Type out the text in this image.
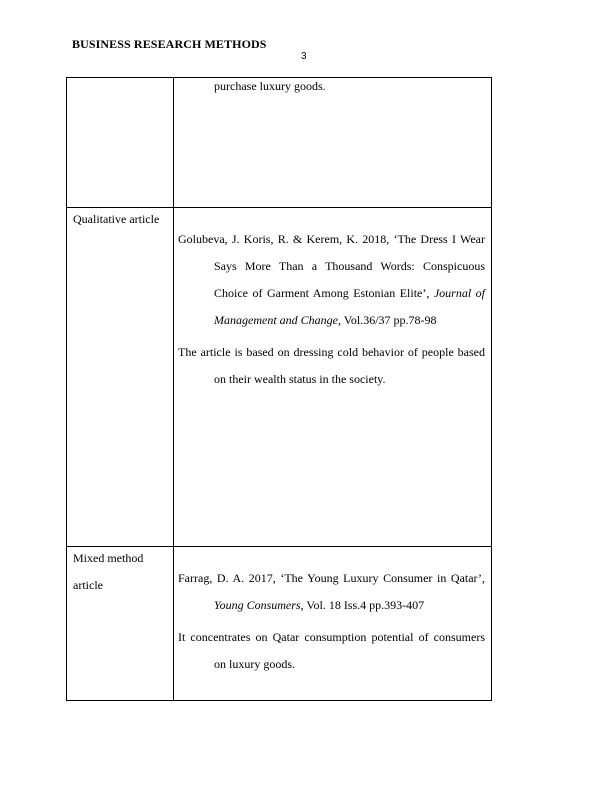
BUSINESS RESEARCH METHODS
3

	purchase luxury goods.

Qualitative article	Golubeva, J. Koris, R. & Kerem, K. 2018, ‘The Dress I Wear Says More Than a Thousand Words: Conspicuous Choice of Garment Among Estonian Elite’, Journal of Management and Change, Vol.36/37 pp.78-98
The article is based on dressing cold behavior of people based on their wealth status in the society.

Mixed method article	Farrag, D. A. 2017, ‘The Young Luxury Consumer in Qatar’, Young Consumers, Vol. 18 Iss.4 pp.393-407
It concentrates on Qatar consumption potential of consumers on luxury goods.
